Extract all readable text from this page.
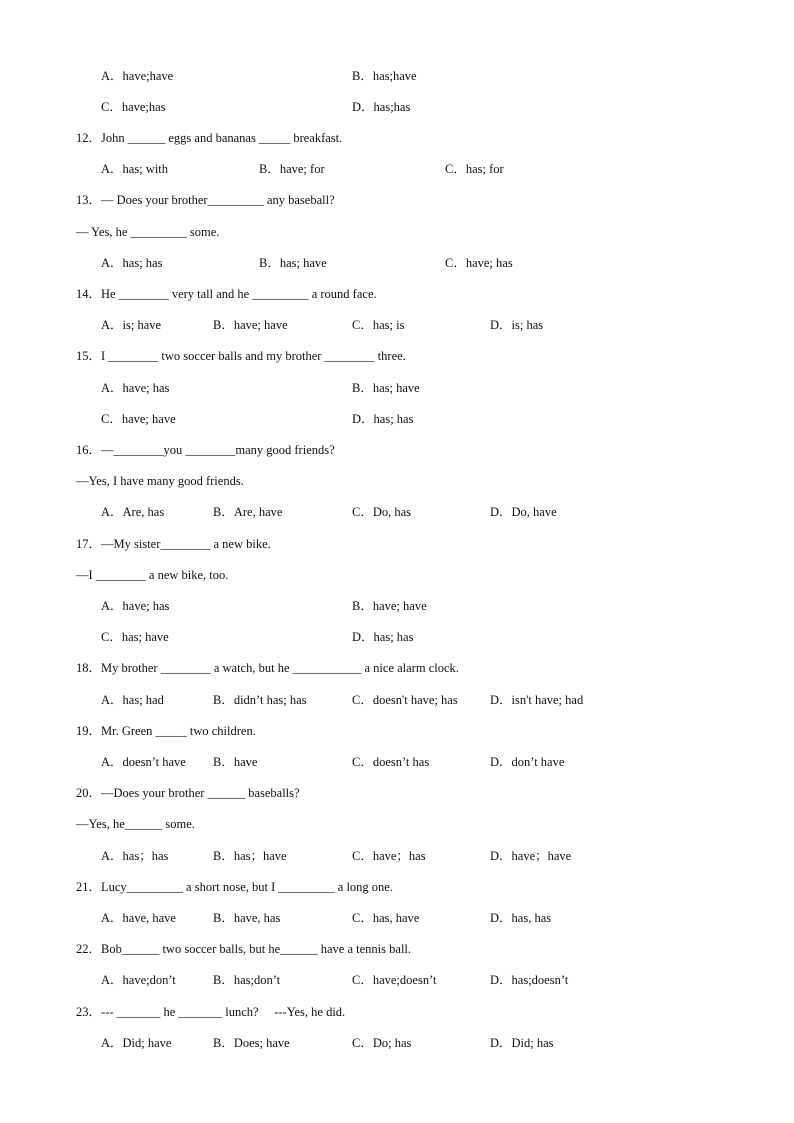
A．have;have	B．has;have
C．have;has	D．has;has
12．John ______ eggs and bananas _____ breakfast.
A．has; with	B．have; for	C．has; for
13．— Does your brother_________ any baseball?
— Yes, he _________ some.
A．has; has	B．has; have	C．have; has
14．He ________ very tall and he _________ a round face.
A．is; have	B．have; have	C．has; is	D．is; has
15．I ________ two soccer balls and my brother ________ three.
A．have; has	B．has; have
C．have; have	D．has; has
16．—________you ________many good friends?
—Yes, I have many good friends.
A．Are, has	B．Are, have	C．Do, has	D．Do, have
17．—My sister________ a new bike.
—I ________ a new bike, too.
A．have; has	B．have; have
C．has; have	D．has; has
18．My brother ________ a watch, but he ___________ a nice alarm clock.
A．has; had	B．didn’t has; has	C．doesn't have; has	D．isn't have; had
19．Mr. Green _____ two children.
A．doesn’t have B．have	C．doesn’t has	D．don’t have
20．—Does your brother ______ baseballs?
—Yes, he______ some.
A．has；has	B．has；have	C．have；has	D．have；have
21．Lucy_________ a short nose, but I _________ a long one.
A．have, have	B．have, has	C．has, have	D．has, has
22．Bob______ two soccer balls, but he______ have a tennis ball.
A．have;don’t	B．has;don’t	C．have;doesn’t	D．has;doesn’t
23．--- _______ he _______ lunch?     ---Yes, he did.
A．Did; have	B．Does; have	C．Do; has	D．Did; has
